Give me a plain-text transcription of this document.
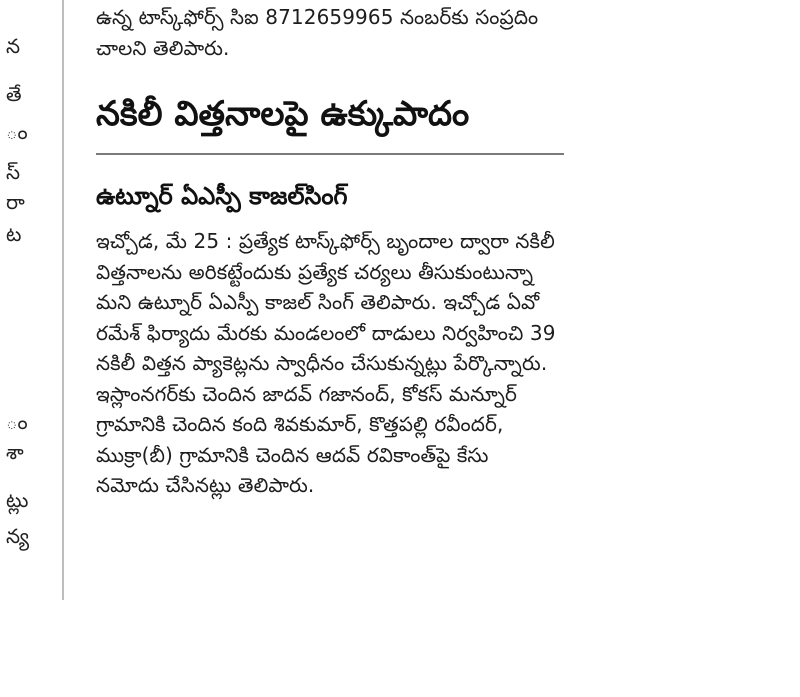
న
తే
ం
స్
రా
ట
ం
శా
ట్లు
న్య
ఉన్న టాస్క్‌ఫోర్స్ సిఐ 8712659965 నంబర్‌కు సంప్రదిం
చాలని తెలిపారు.
నకిలీ విత్తనాలపై ఉక్కుపాదం
ఉట్నూర్ ఏఎస్పీ కాజల్‌సింగ్
ఇచ్చోడ, మే 25 : ప్రత్యేక టాస్క్‌ఫోర్స్ బృందాల ద్వారా నకిలీ
విత్తనాలను అరికట్టేందుకు ప్రత్యేక చర్యలు తీసుకుంటున్నా
మని ఉట్నూర్ ఏఎస్పీ కాజల్ సింగ్ తెలిపారు. ఇచ్చోడ ఏవో
రమేశ్ ఫిర్యాదు మేరకు మండలంలో దాడులు నిర్వహించి 39
నకిలీ విత్తన ప్యాకెట్లను స్వాధీనం చేసుకున్నట్లు పేర్కొన్నారు.
ఇస్లాంనగర్‌కు చెందిన జాదవ్ గజానంద్, కోకస్ మన్నూర్
గ్రామానికి చెందిన కంది శివకుమార్, కొత్తపల్లి రవీందర్,
ముక్రా(బీ) గ్రామానికి చెందిన ఆదవ్ రవికాంత్‌పై కేసు
నమోదు చేసినట్లు తెలిపారు.
